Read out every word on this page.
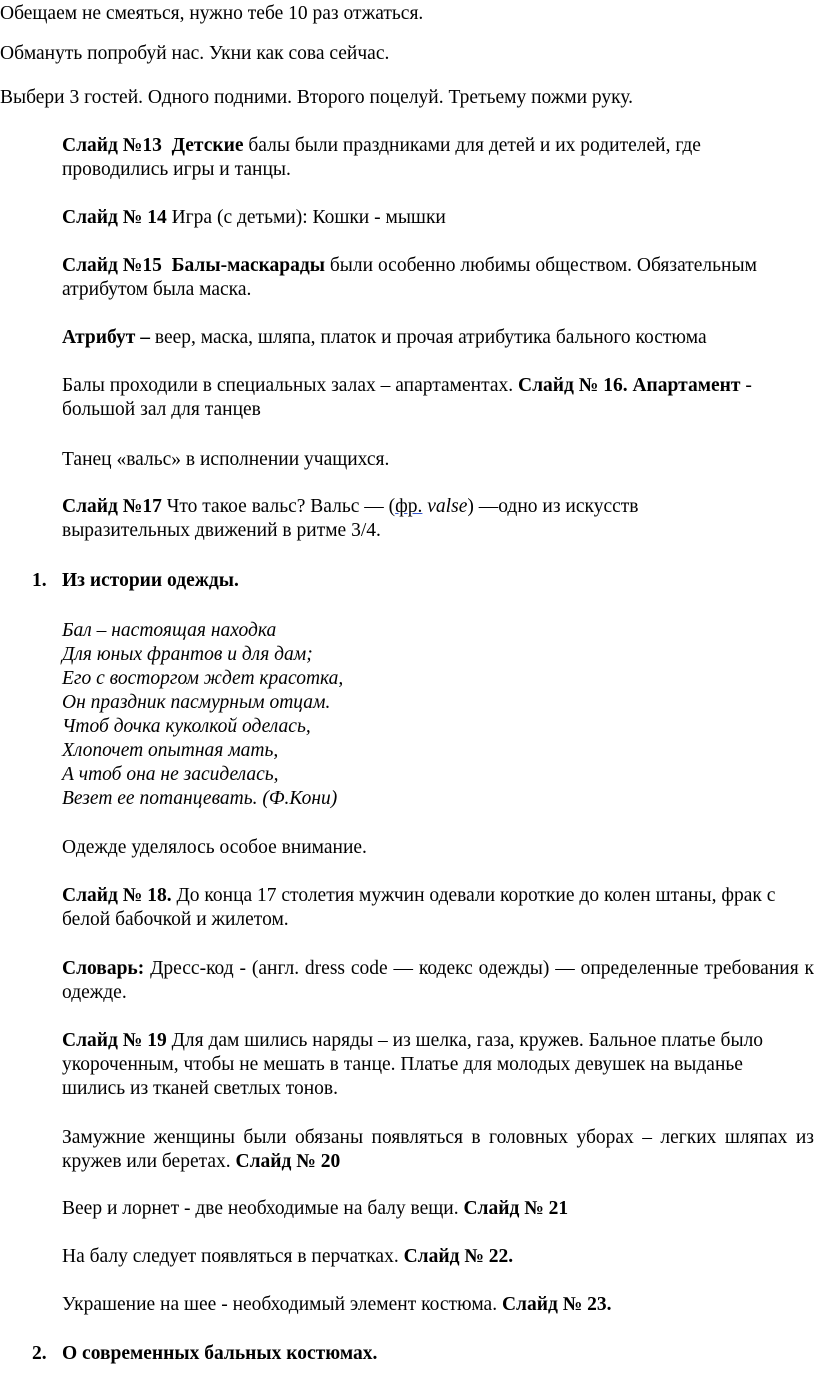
Обещаем не смеяться, нужно тебе 10 раз отжаться.

Обмануть попробуй нас. Укни как сова сейчас.

Выбери 3 гостей. Одного подними. Второго поцелуй. Третьему пожми руку.

Слайд №13 Детские балы были праздниками для детей и их родителей, где проводились игры и танцы.

Слайд № 14 Игра (с детьми): Кошки - мышки

Слайд №15 Балы-маскарады были особенно любимы обществом. Обязательным атрибутом была маска.

Атрибут – веер, маска, шляпа, платок и прочая атрибутика бального костюма

Балы проходили в специальных залах – апартаментах. Слайд № 16. Апартамент - большой зал для танцев

Танец «вальс» в исполнении учащихся.

Слайд №17 Что такое вальс? Вальс — (фр. valse) —одно из искусств выразительных движений в ритме 3/4.

1. Из истории одежды.

Бал – настоящая находка
Для юных франтов и для дам;
Его с восторгом ждет красотка,
Он праздник пасмурным отцам.
Чтоб дочка куколкой оделась,
Хлопочет опытная мать,
А чтоб она не засиделась,
Везет ее потанцевать. (Ф.Кони)

Одежде уделялось особое внимание.

Слайд № 18. До конца 17 столетия мужчин одевали короткие до колен штаны, фрак с белой бабочкой и жилетом.

Словарь: Дресс-код - (англ. dress code — кодекс одежды) — определенные требования к одежде.

Слайд № 19 Для дам шились наряды – из шелка, газа, кружев. Бальное платье было укороченным, чтобы не мешать в танце. Платье для молодых девушек на выданье шились из тканей светлых тонов.

Замужние женщины были обязаны появляться в головных уборах – легких шляпах из кружев или беретах. Слайд № 20

Веер и лорнет - две необходимые на балу вещи. Слайд № 21

На балу следует появляться в перчатках. Слайд № 22.

Украшение на шее - необходимый элемент костюма. Слайд № 23.

2. О современных бальных костюмах.
